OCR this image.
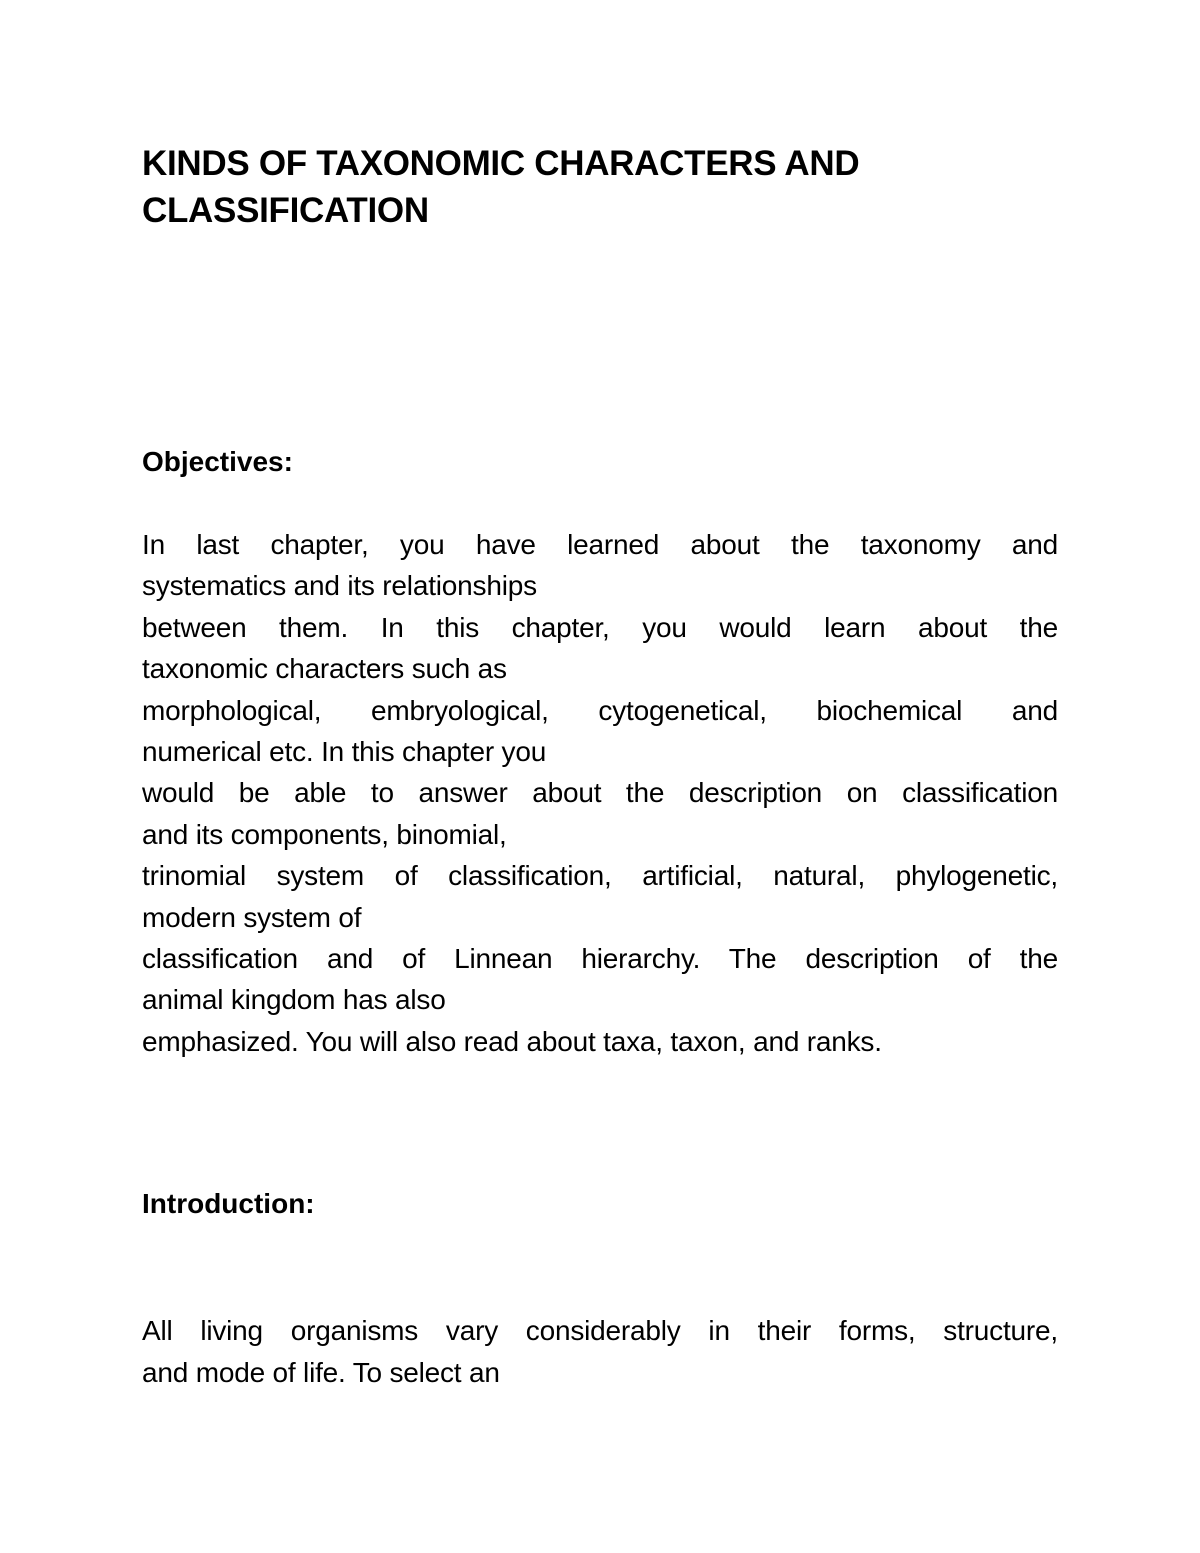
KINDS OF TAXONOMIC CHARACTERS AND CLASSIFICATION
Objectives:
In last chapter, you have learned about the taxonomy and
systematics and its relationships
between them. In this chapter, you would learn about the
taxonomic characters such as
morphological, embryological, cytogenetical, biochemical and
numerical etc. In this chapter you
would be able to answer about the description on classification
and its components, binomial,
trinomial system of classification, artificial, natural, phylogenetic,
modern system of
classification and of Linnean hierarchy. The description of the
animal kingdom has also
emphasized. You will also read about taxa, taxon, and ranks.
Introduction:
All living organisms vary considerably in their forms, structure,
and mode of life. To select an
